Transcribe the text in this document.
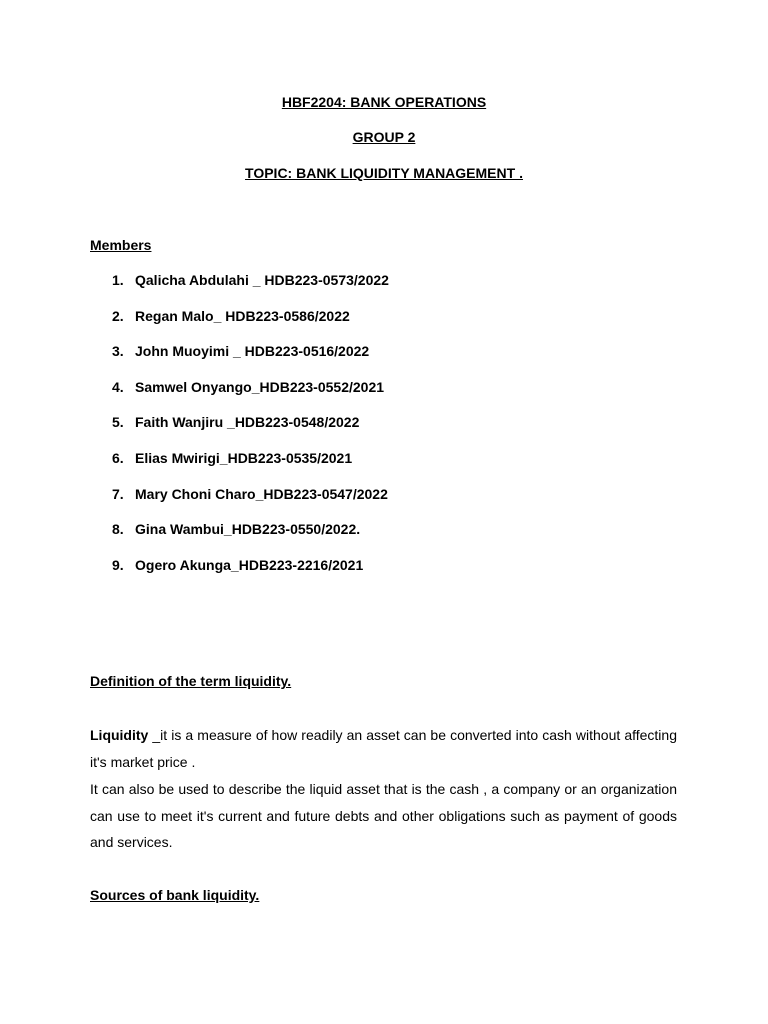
HBF2204: BANK OPERATIONS
GROUP 2
TOPIC: BANK LIQUIDITY MANAGEMENT .
Members
1. Qalicha Abdulahi _ HDB223-0573/2022
2. Regan Malo_ HDB223-0586/2022
3. John Muoyimi _ HDB223-0516/2022
4. Samwel Onyango_HDB223-0552/2021
5. Faith Wanjiru _HDB223-0548/2022
6. Elias Mwirigi_HDB223-0535/2021
7. Mary Choni Charo_HDB223-0547/2022
8. Gina Wambui_HDB223-0550/2022.
9. Ogero Akunga_HDB223-2216/2021
Definition of the term liquidity.
Liquidity _it is a measure of how readily an asset can be converted into cash without affecting it's market price .
It can also be used to describe the liquid asset that is the cash , a company or an organization can use to meet it's current and future debts and other obligations such as payment of goods and services.
Sources of bank liquidity.
